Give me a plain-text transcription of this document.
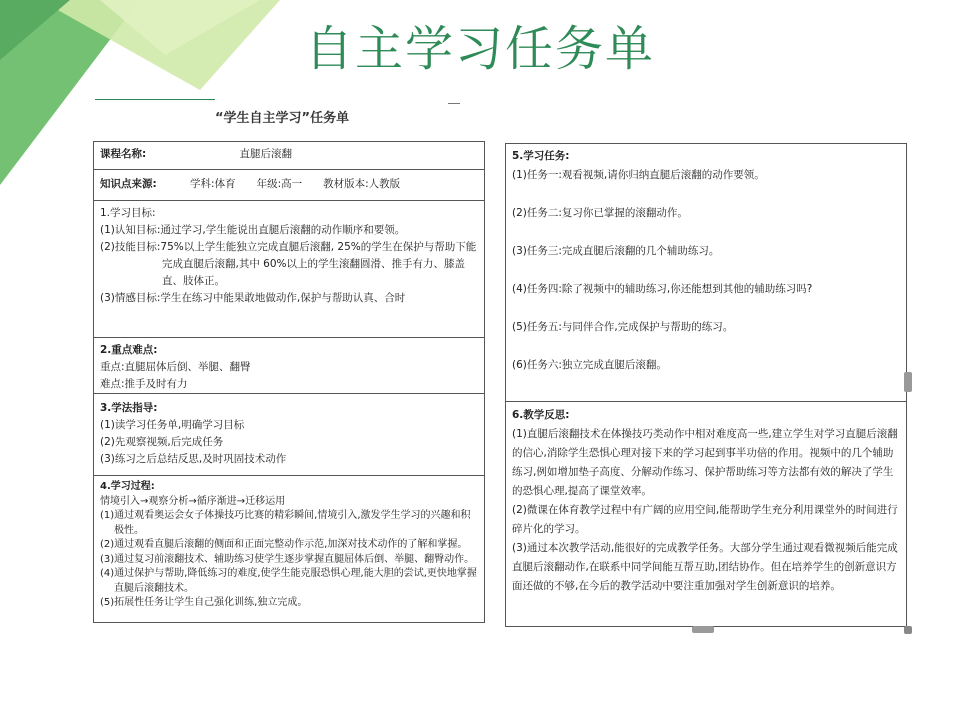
自主学习任务单
“学生自主学习”任务单
课程名称:	直腿后滚翻
知识点来源:	学科:体育　　年级:高一　　教材版本:人教版
1.学习目标:
(1)认知目标:通过学习,学生能说出直腿后滚翻的动作顺序和要领。
(2)技能目标:75%以上学生能独立完成直腿后滚翻, 25%的学生在保护与帮助下能完成直腿后滚翻,其中 60%以上的学生滚翻圆滑、推手有力、膝盖直、肢体正。
(3)情感目标:学生在练习中能果敢地做动作,保护与帮助认真、合时
2.重点难点:
重点:直腿屈体后倒、举腿、翻臀
难点:推手及时有力
3.学法指导:
(1)读学习任务单,明确学习目标
(2)先观察视频,后完成任务
(3)练习之后总结反思,及时巩固技术动作
4.学习过程:
情境引入→观察分析→循序渐进→迁移运用
(1)通过观看奥运会女子体操技巧比赛的精彩瞬间,情境引入,激发学生学习的兴趣和积极性。
(2)通过观看直腿后滚翻的侧面和正面完整动作示范,加深对技术动作的了解和掌握。
(3)通过复习前滚翻技术、辅助练习使学生逐步掌握直腿屈体后倒、举腿、翻臀动作。
(4)通过保护与帮助,降低练习的难度,使学生能克服恐惧心理,能大胆的尝试,更快地掌握直腿后滚翻技术。
(5)拓展性任务让学生自己强化训练,独立完成。
5.学习任务:
(1)任务一:观看视频,请你归纳直腿后滚翻的动作要领。
(2)任务二:复习你已掌握的滚翻动作。
(3)任务三:完成直腿后滚翻的几个辅助练习。
(4)任务四:除了视频中的辅助练习,你还能想到其他的辅助练习吗?
(5)任务五:与同伴合作,完成保护与帮助的练习。
(6)任务六:独立完成直腿后滚翻。
6.教学反思:
(1)直腿后滚翻技术在体操技巧类动作中相对难度高一些,建立学生对学习直腿后滚翻的信心,消除学生恐惧心理对接下来的学习起到事半功倍的作用。视频中的几个辅助练习,例如增加垫子高度、分解动作练习、保护帮助练习等方法都有效的解决了学生的恐惧心理,提高了课堂效率。
(2)微课在体育教学过程中有广阔的应用空间,能帮助学生充分利用课堂外的时间进行碎片化的学习。
(3)通过本次教学活动,能很好的完成教学任务。大部分学生通过观看微视频后能完成直腿后滚翻动作,在联系中同学间能互帮互助,团结协作。但在培养学生的创新意识方面还做的不够,在今后的教学活动中要注重加强对学生创新意识的培养。
